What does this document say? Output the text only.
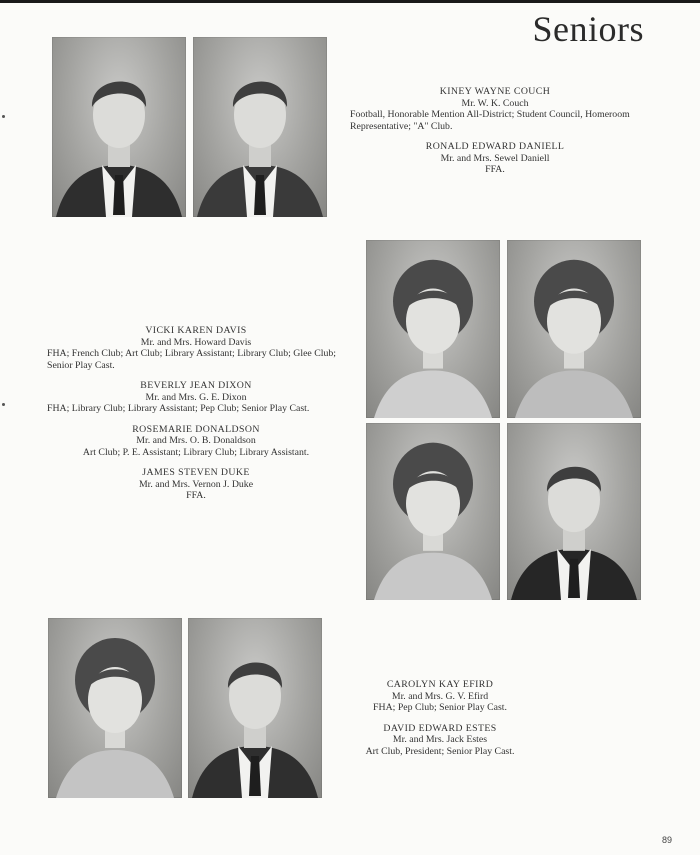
Seniors
KINEY WAYNE COUCH
Mr. W. K. Couch
Football, Honorable Mention All-District; Student Council, Homeroom Representative; "A" Club.
RONALD EDWARD DANIELL
Mr. and Mrs. Sewel Daniell
FFA.
VICKI KAREN DAVIS
Mr. and Mrs. Howard Davis
FHA; French Club; Art Club; Library Assistant; Library Club; Glee Club; Senior Play Cast.
BEVERLY JEAN DIXON
Mr. and Mrs. G. E. Dixon
FHA; Library Club; Library Assistant; Pep Club; Senior Play Cast.
ROSEMARIE DONALDSON
Mr. and Mrs. O. B. Donaldson
Art Club; P. E. Assistant; Library Club; Library Assistant.
JAMES STEVEN DUKE
Mr. and Mrs. Vernon J. Duke
FFA.
CAROLYN KAY EFIRD
Mr. and Mrs. G. V. Efird
FHA; Pep Club; Senior Play Cast.
DAVID EDWARD ESTES
Mr. and Mrs. Jack Estes
Art Club, President; Senior Play Cast.
89
